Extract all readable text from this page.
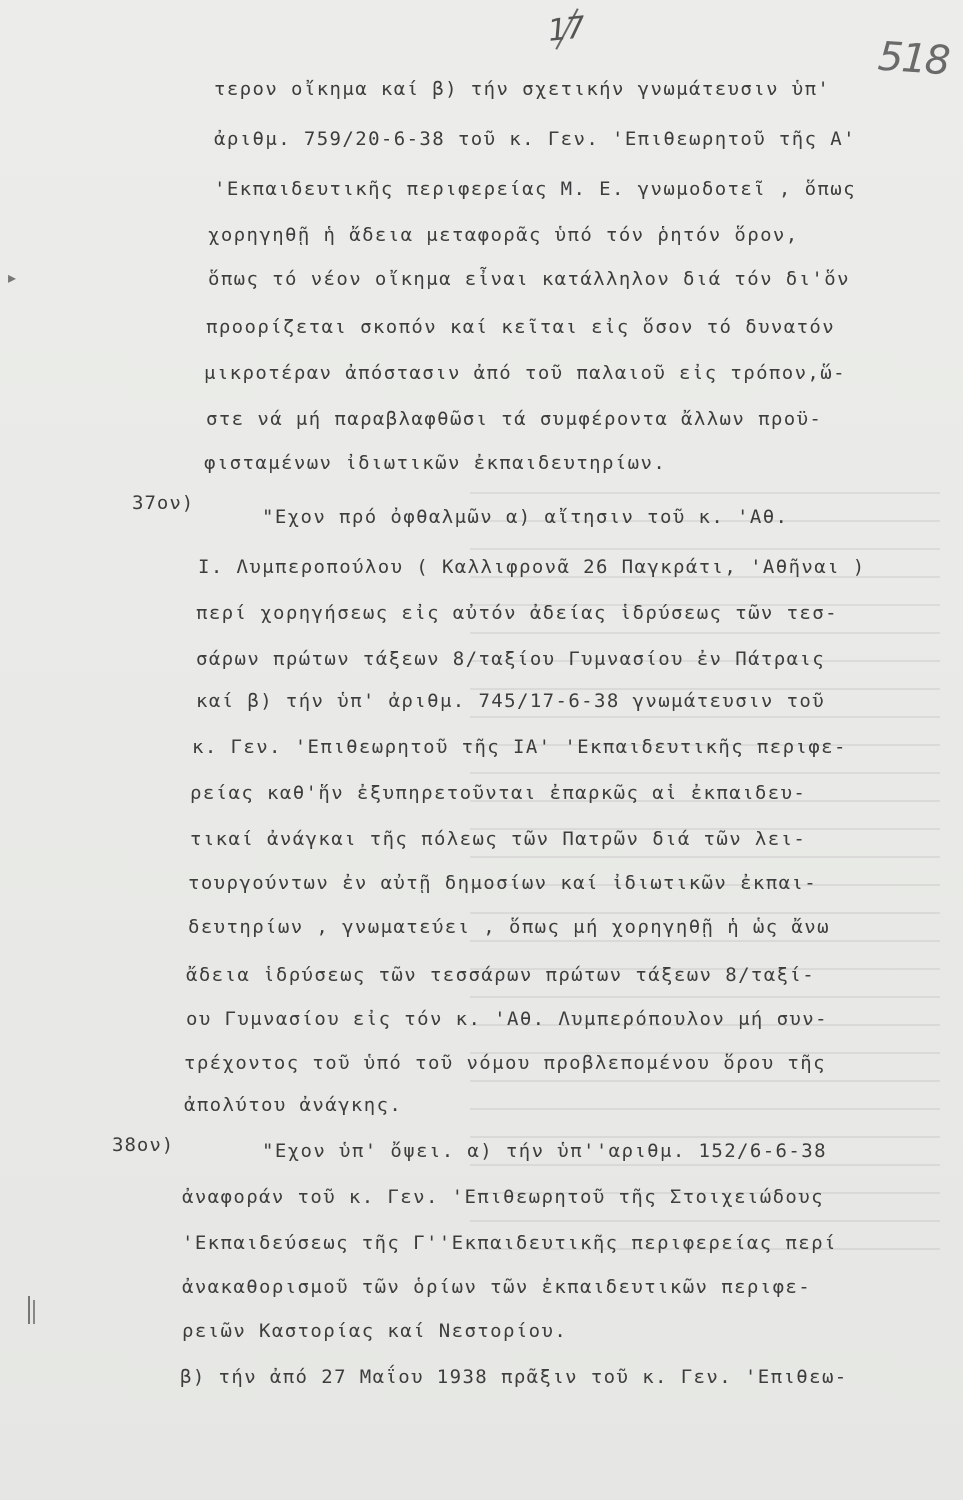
17
518
▸
τερον οἴκημα καί β) τήν σχετικήν γνωμάτευσιν ὑπ'
ἀριθμ. 759/20-6-38 τοῦ κ. Γεν. 'Επιθεωρητοῦ τῆς Α'
'Εκπαιδευτικῆς περιφερείας Μ. Ε. γνωμοδοτεῖ , ὅπως
χορηγηθῇ ἡ ἄδεια μεταφορᾶς ὑπό τόν ῥητόν ὅρον,
ὅπως τό νέον οἴκημα εἶναι κατάλληλον διά τόν δι'ὅν
προορίζεται σκοπόν καί κεῖται εἰς ὅσον τό δυνατόν
μικροτέραν ἀπόστασιν ἀπό τοῦ παλαιοῦ εἰς τρόπον,ὥ-
στε νά μή παραβλαφθῶσι τά συμφέροντα ἄλλων προϋ-
φισταμένων ἰδιωτικῶν ἐκπαιδευτηρίων.
37ον)
"Εχον πρό ὀφθαλμῶν α) αἴτησιν τοῦ κ. 'Αθ.
Ι. Λυμπεροπούλου ( Καλλιφρονᾶ 26 Παγκράτι, 'Αθῆναι )
περί χορηγήσεως εἰς αὐτόν ἀδείας ἱδρύσεως τῶν τεσ-
σάρων πρώτων τάξεων 8/ταξίου Γυμνασίου ἐν Πάτραις
καί β) τήν ὑπ' ἀριθμ. 745/17-6-38 γνωμάτευσιν τοῦ
κ. Γεν. 'Επιθεωρητοῦ τῆς ΙΑ' 'Εκπαιδευτικῆς περιφε-
ρείας καθ'ἥν ἐξυπηρετοῦνται ἐπαρκῶς αἱ ἐκπαιδευ-
τικαί ἀνάγκαι τῆς πόλεως τῶν Πατρῶν διά τῶν λει-
τουργούντων ἐν αὐτῇ δημοσίων καί ἰδιωτικῶν ἐκπαι-
δευτηρίων , γνωματεύει , ὅπως μή χορηγηθῇ ἡ ὡς ἄνω
ἄδεια ἱδρύσεως τῶν τεσσάρων πρώτων τάξεων 8/ταξί-
ου Γυμνασίου εἰς τόν κ. 'Αθ. Λυμπερόπουλον μή συν-
τρέχοντος τοῦ ὑπό τοῦ νόμου προβλεπομένου ὅρου τῆς
ἀπολύτου ἀνάγκης.
38ον)	"Εχον ὑπ' ὄψει. α) τήν ὑπ''αριθμ. 152/6-6-38
ἀναφοράν τοῦ κ. Γεν. 'Επιθεωρητοῦ τῆς Στοιχειώδους
'Εκπαιδεύσεως τῆς Γ''Εκπαιδευτικῆς περιφερείας περί
ἀνακαθορισμοῦ τῶν ὁρίων τῶν ἐκπαιδευτικῶν περιφε-
ρειῶν Καστορίας καί Νεστορίου.
β) τήν ἀπό 27 Μαΐου 1938 πρᾶξιν τοῦ κ. Γεν. 'Επιθεω-
